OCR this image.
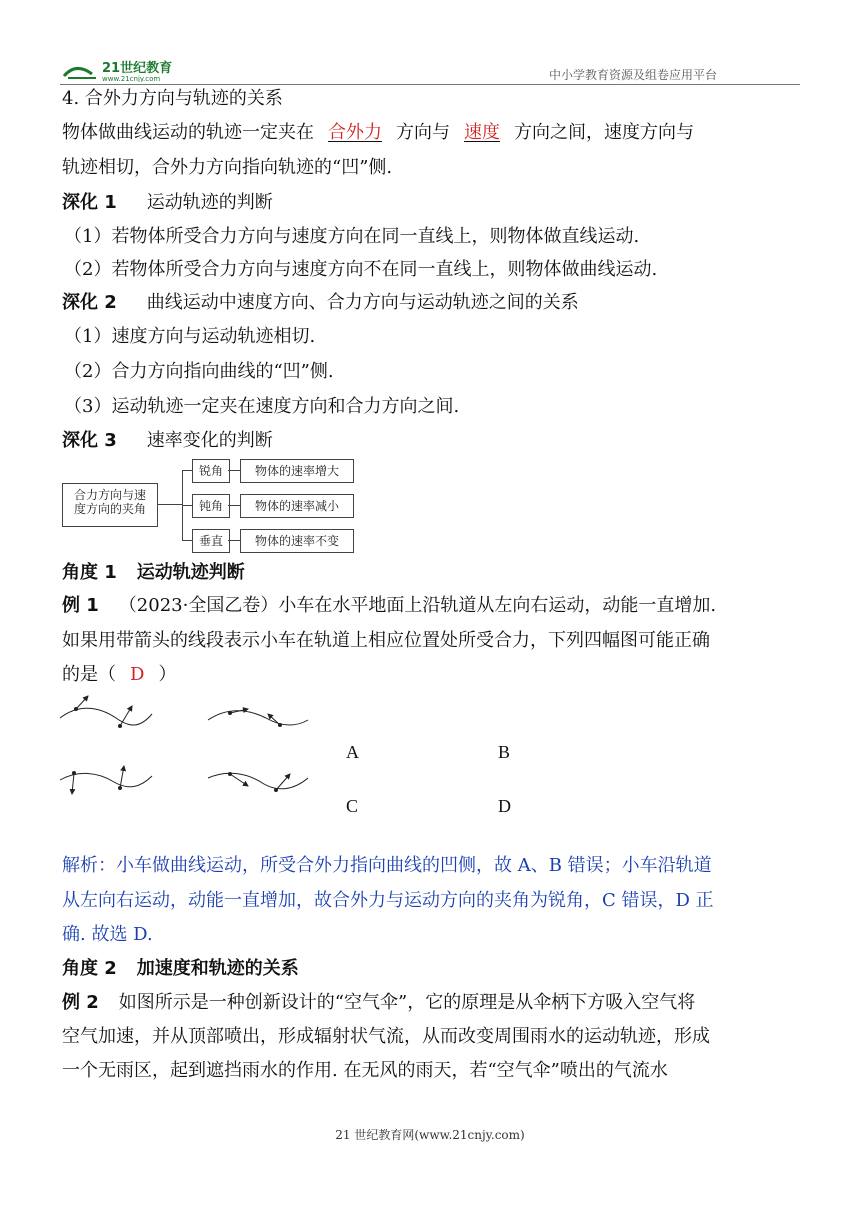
21世纪教育
www.21cnjy.com	中小学教育资源及组卷应用平台
4. 合外力方向与轨迹的关系
物体做曲线运动的轨迹一定夹在 合外力 方向与 速度 方向之间，速度方向与
轨迹相切，合外力方向指向轨迹的“凹”侧.
深化 1 运动轨迹的判断
（1）若物体所受合力方向与速度方向在同一直线上，则物体做直线运动.
（2）若物体所受合力方向与速度方向不在同一直线上，则物体做曲线运动.
深化 2 曲线运动中速度方向、合力方向与运动轨迹之间的关系
（1）速度方向与运动轨迹相切.
（2）合力方向指向曲线的“凹”侧.
（3）运动轨迹一定夹在速度方向和合力方向之间.
深化 3 速率变化的判断
合力方向与速
度方向的夹角
锐角	物体的速率增大
钝角	物体的速率减小
垂直	物体的速率不变
角度 1 运动轨迹判断
例 1 （2023·全国乙卷）小车在水平地面上沿轨道从左向右运动，动能一直增加.
如果用带箭头的线段表示小车在轨道上相应位置处所受合力，下列四幅图可能正确
的是（ D ）
A	B
C	D
解析：小车做曲线运动，所受合外力指向曲线的凹侧，故 A、B 错误；小车沿轨道
从左向右运动，动能一直增加，故合外力与运动方向的夹角为锐角，C 错误，D 正
确. 故选 D.
角度 2 加速度和轨迹的关系
例 2 如图所示是一种创新设计的“空气伞”，它的原理是从伞柄下方吸入空气将
空气加速，并从顶部喷出，形成辐射状气流，从而改变周围雨水的运动轨迹，形成
一个无雨区，起到遮挡雨水的作用. 在无风的雨天，若“空气伞”喷出的气流水
21 世纪教育网(www.21cnjy.com)
